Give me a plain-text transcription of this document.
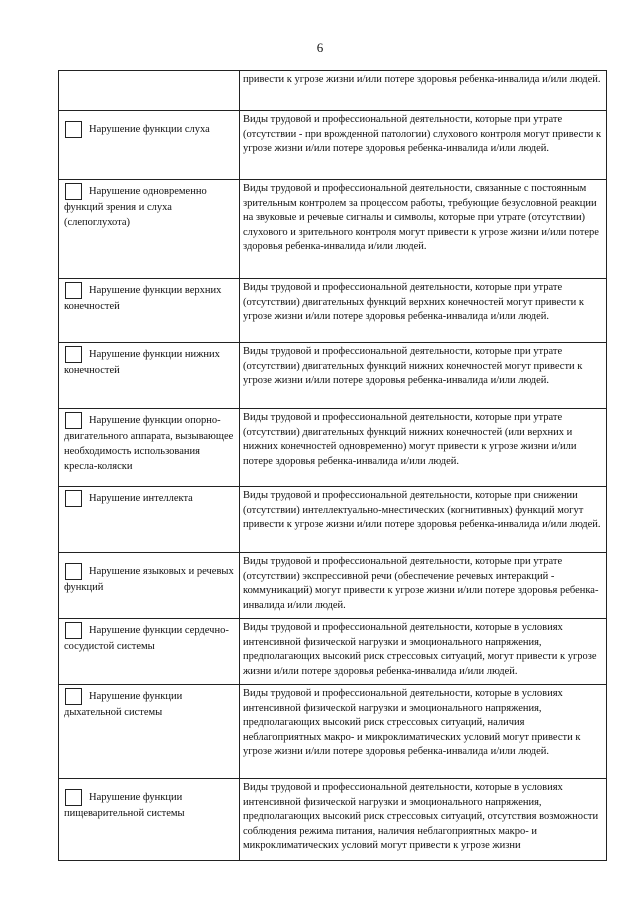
6

	привести к угрозе жизни и/или потере здоровья ребенка-инвалида и/или людей.

Нарушение функции слуха	Виды трудовой и профессиональной деятельности, которые при утрате (отсутствии - при врожденной патологии) слухового контроля могут привести к угрозе жизни и/или потере здоровья ребенка-инвалида и/или людей.

Нарушение одновременно функций зрения и слуха (слепоглухота)	Виды трудовой и профессиональной деятельности, связанные с постоянным зрительным контролем за процессом работы, требующие безусловной реакции на звуковые и речевые сигналы и символы, которые при утрате (отсутствии) слухового и зрительного контроля могут привести к угрозе жизни и/или потере здоровья ребенка-инвалида и/или людей.

Нарушение функции верхних конечностей	Виды трудовой и профессиональной деятельности, которые при утрате (отсутствии) двигательных функций верхних конечностей могут привести к угрозе жизни и/или потере здоровья ребенка-инвалида и/или людей.

Нарушение функции нижних конечностей	Виды трудовой и профессиональной деятельности, которые при утрате (отсутствии) двигательных функций нижних конечностей могут привести к угрозе жизни и/или потере здоровья ребенка-инвалида и/или людей.

Нарушение функции опорно-двигательного аппарата, вызывающее необходимость использования кресла-коляски	Виды трудовой и профессиональной деятельности, которые при утрате (отсутствии) двигательных функций нижних конечностей (или верхних и нижних конечностей одновременно) могут привести к угрозе жизни и/или потере здоровья ребенка-инвалида и/или людей.

Нарушение интеллекта	Виды трудовой и профессиональной деятельности, которые при снижении (отсутствии) интеллектуально-мнестических (когнитивных) функций могут привести к угрозе жизни и/или потере здоровья ребенка-инвалида и/или людей.

Нарушение языковых и речевых функций	Виды трудовой и профессиональной деятельности, которые при утрате (отсутствии) экспрессивной речи (обеспечение речевых интеракций - коммуникаций) могут привести к угрозе жизни и/или потере здоровья ребенка-инвалида и/или людей.

Нарушение функции сердечно-сосудистой системы	Виды трудовой и профессиональной деятельности, которые в условиях интенсивной физической нагрузки и эмоционального напряжения, предполагающих высокий риск стрессовых ситуаций, могут привести к угрозе жизни и/или потере здоровья ребенка-инвалида и/или людей.

Нарушение функции дыхательной системы	Виды трудовой и профессиональной деятельности, которые в условиях интенсивной физической нагрузки и эмоционального напряжения, предполагающих высокий риск стрессовых ситуаций, наличия неблагоприятных макро- и микроклиматических условий могут привести к угрозе жизни и/или потере здоровья ребенка-инвалида и/или людей.

Нарушение функции пищеварительной системы	Виды трудовой и профессиональной деятельности, которые в условиях интенсивной физической нагрузки и эмоционального напряжения, предполагающих высокий риск стрессовых ситуаций, отсутствия возможности соблюдения режима питания, наличия неблагоприятных макро- и микроклиматических условий могут привести к угрозе жизни
